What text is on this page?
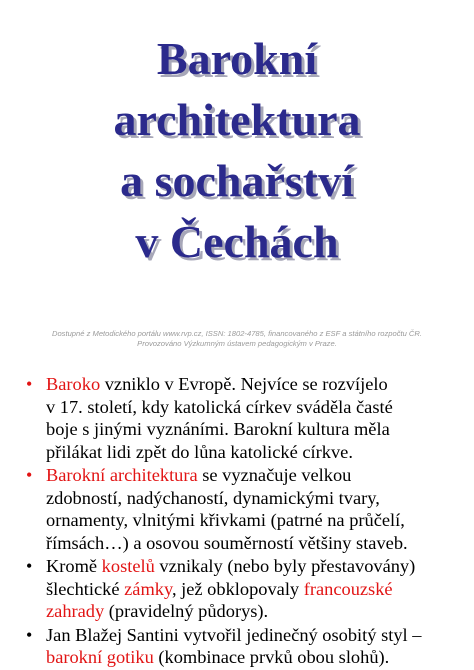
Barokní
architektura
a sochařství
v Čechách
Dostupné z Metodického portálu www.rvp.cz, ISSN: 1802-4785, financovaného z ESF a státního rozpočtu ČR.
Provozováno Výzkumným ústavem pedagogickým v Praze.
• Baroko vzniklo v Evropě. Nejvíce se rozvíjelo
v 17. století, kdy katolická církev sváděla časté
boje s jinými vyznáními. Barokní kultura měla
přilákat lidi zpět do lůna katolické církve.
• Barokní architektura se vyznačuje velkou
zdobností, nadýchaností, dynamickými tvary,
ornamenty, vlnitými křivkami (patrné na průčelí,
římsách…) a osovou souměrností většiny staveb.
• Kromě kostelů vznikaly (nebo byly přestavovány)
šlechtické zámky, jež obklopovaly francouzské
zahrady (pravidelný půdorys).
• Jan Blažej Santini vytvořil jedinečný osobitý styl –
barokní gotiku (kombinace prvků obou slohů).
